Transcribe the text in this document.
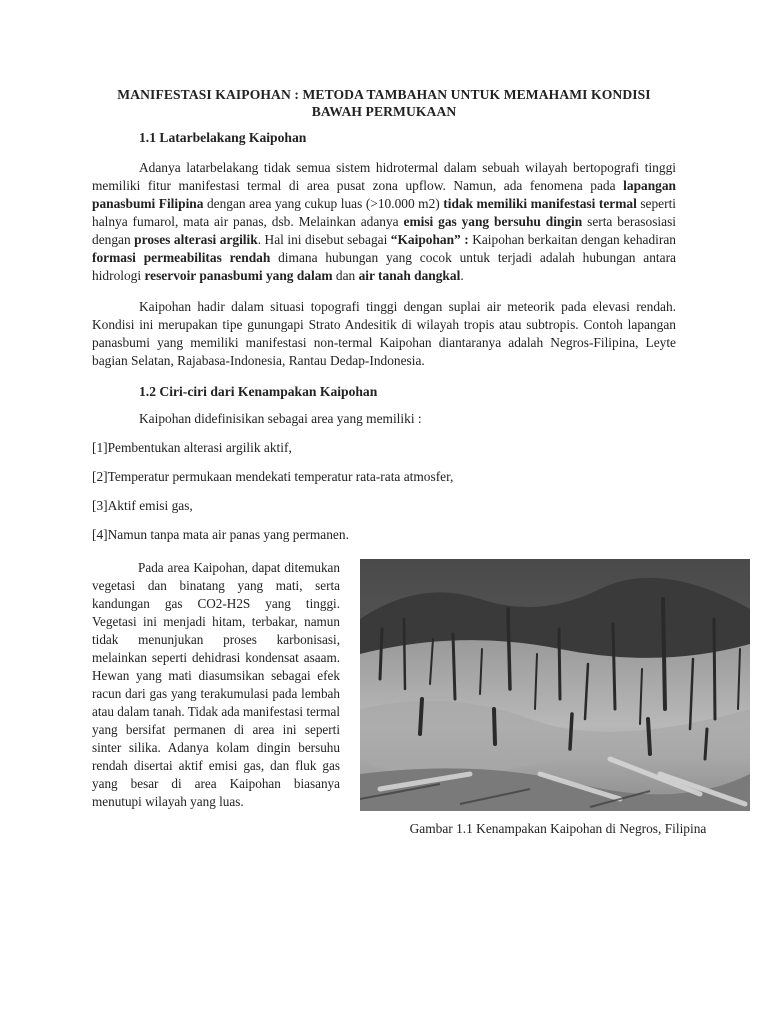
MANIFESTASI KAIPOHAN : METODA TAMBAHAN UNTUK MEMAHAMI KONDISI BAWAH PERMUKAAN
1.1 Latarbelakang Kaipohan

Adanya latarbelakang tidak semua sistem hidrotermal dalam sebuah wilayah bertopografi tinggi memiliki fitur manifestasi termal di area pusat zona upflow. Namun, ada fenomena pada lapangan panasbumi Filipina dengan area yang cukup luas (>10.000 m2) tidak memiliki manifestasi termal seperti halnya fumarol, mata air panas, dsb. Melainkan adanya emisi gas yang bersuhu dingin serta berasosiasi dengan proses alterasi argilik. Hal ini disebut sebagai “Kaipohan” : Kaipohan berkaitan dengan kehadiran formasi permeabilitas rendah dimana hubungan yang cocok untuk terjadi adalah hubungan antara hidrologi reservoir panasbumi yang dalam dan air tanah dangkal.

Kaipohan hadir dalam situasi topografi tinggi dengan suplai air meteorik pada elevasi rendah. Kondisi ini merupakan tipe gunungapi Strato Andesitik di wilayah tropis atau subtropis. Contoh lapangan panasbumi yang memiliki manifestasi non-termal Kaipohan diantaranya adalah Negros-Filipina, Leyte bagian Selatan, Rajabasa-Indonesia, Rantau Dedap-Indonesia.

1.2 Ciri-ciri dari Kenampakan Kaipohan
Kaipohan didefinisikan sebagai area yang memiliki :
[1]Pembentukan alterasi argilik aktif,
[2]Temperatur permukaan mendekati temperatur rata-rata atmosfer,
[3]Aktif emisi gas,
[4]Namun tanpa mata air panas yang permanen.

Pada area Kaipohan, dapat ditemukan vegetasi dan binatang yang mati, serta kandungan gas CO2-H2S yang tinggi. Vegetasi ini menjadi hitam, terbakar, namun tidak menunjukan proses karbonisasi, melainkan seperti dehidrasi kondensat asaam. Hewan yang mati diasumsikan sebagai efek racun dari gas yang terakumulasi pada lembah atau dalam tanah. Tidak ada manifestasi termal yang bersifat permanen di area ini seperti sinter silika. Adanya kolam dingin bersuhu rendah disertai aktif emisi gas, dan fluk gas yang besar di area Kaipohan biasanya menutupi wilayah yang luas.

Gambar 1.1 Kenampakan Kaipohan di Negros, Filipina
